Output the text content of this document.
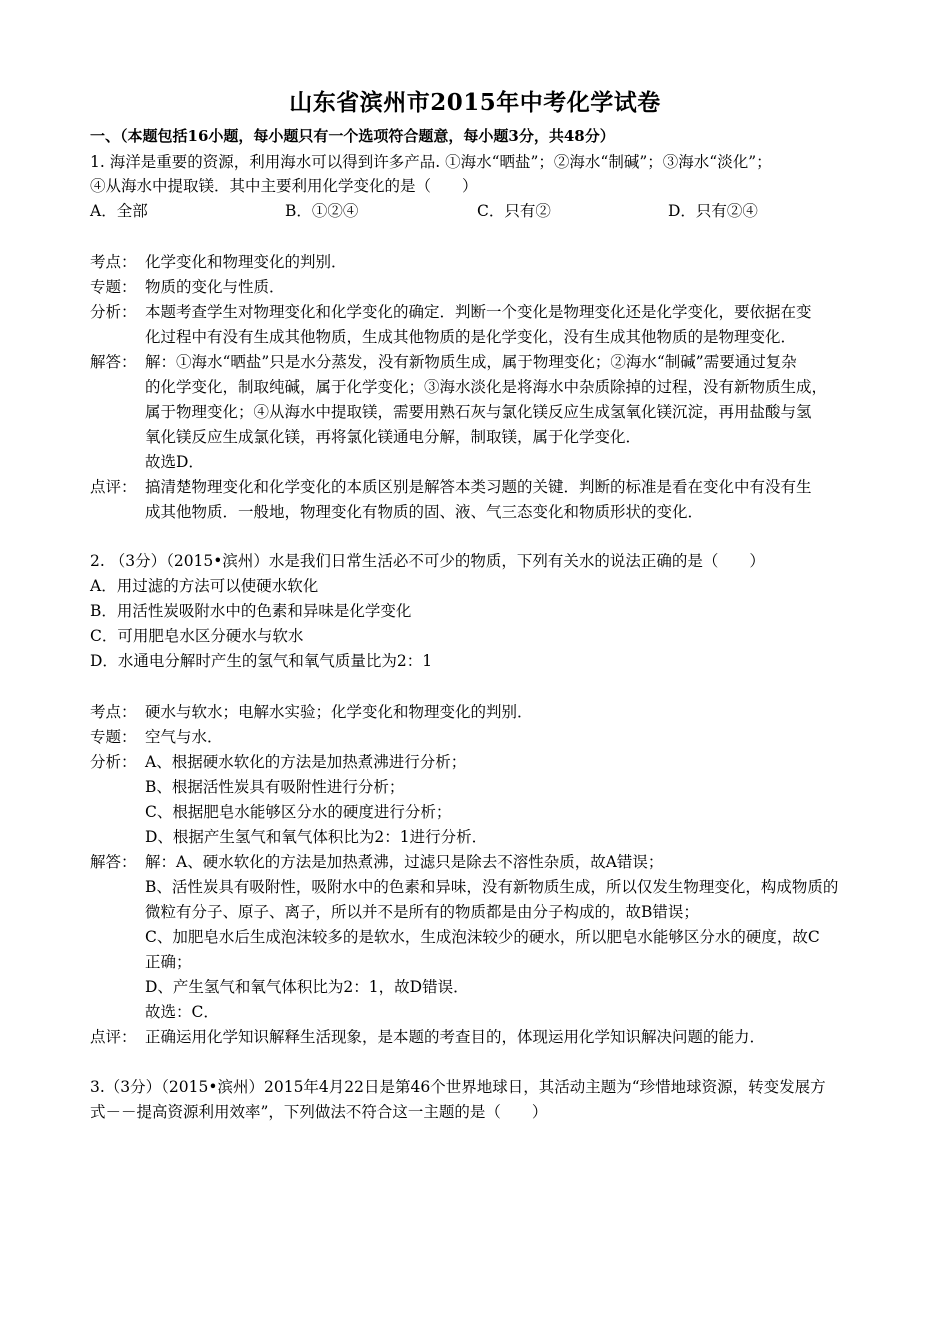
山东省滨州市2015年中考化学试卷
一、（本题包括16小题，每小题只有一个选项符合题意，每小题3分，共48分）
1. 海洋是重要的资源，利用海水可以得到许多产品. ①海水“晒盐”；②海水“制碱”；③海水“淡化”；
④从海水中提取镁．其中主要利用化学变化的是（　　）
A．全部	B．①②④	C．只有②	D．只有②④
考点： 化学变化和物理变化的判别．
专题： 物质的变化与性质．
分析： 本题考查学生对物理变化和化学变化的确定．判断一个变化是物理变化还是化学变化，要依据在变
化过程中有没有生成其他物质，生成其他物质的是化学变化，没有生成其他物质的是物理变化．
解答： 解：①海水“晒盐”只是水分蒸发，没有新物质生成，属于物理变化；②海水“制碱”需要通过复杂
的化学变化，制取纯碱，属于化学变化；③海水淡化是将海水中杂质除掉的过程，没有新物质生成，
属于物理变化；④从海水中提取镁，需要用熟石灰与氯化镁反应生成氢氧化镁沉淀，再用盐酸与氢
氧化镁反应生成氯化镁，再将氯化镁通电分解，制取镁，属于化学变化．
故选D．
点评： 搞清楚物理变化和化学变化的本质区别是解答本类习题的关键．判断的标准是看在变化中有没有生
成其他物质．一般地，物理变化有物质的固、液、气三态变化和物质形状的变化．
2. （3分）（2015•滨州）水是我们日常生活必不可少的物质，下列有关水的说法正确的是（　　）
A．用过滤的方法可以使硬水软化
B．用活性炭吸附水中的色素和异味是化学变化
C．可用肥皂水区分硬水与软水
D．水通电分解时产生的氢气和氧气质量比为2：1
考点： 硬水与软水；电解水实验；化学变化和物理变化的判别．
专题： 空气与水．
分析： A、根据硬水软化的方法是加热煮沸进行分析；
B、根据活性炭具有吸附性进行分析；
C、根据肥皂水能够区分水的硬度进行分析；
D、根据产生氢气和氧气体积比为2：1进行分析．
解答： 解：A、硬水软化的方法是加热煮沸，过滤只是除去不溶性杂质，故A错误；
B、活性炭具有吸附性，吸附水中的色素和异味，没有新物质生成，所以仅发生物理变化，构成物质的
微粒有分子、原子、离子，所以并不是所有的物质都是由分子构成的，故B错误；
C、加肥皂水后生成泡沫较多的是软水，生成泡沫较少的硬水，所以肥皂水能够区分水的硬度，故C
正确；
D、产生氢气和氧气体积比为2：1，故D错误．
故选：C．
点评： 正确运用化学知识解释生活现象，是本题的考查目的，体现运用化学知识解决问题的能力．
3.（3分）（2015•滨州）2015年4月22日是第46个世界地球日，其活动主题为“珍惜地球资源，转变发展方
式－－提高资源利用效率”，下列做法不符合这一主题的是（　　）
